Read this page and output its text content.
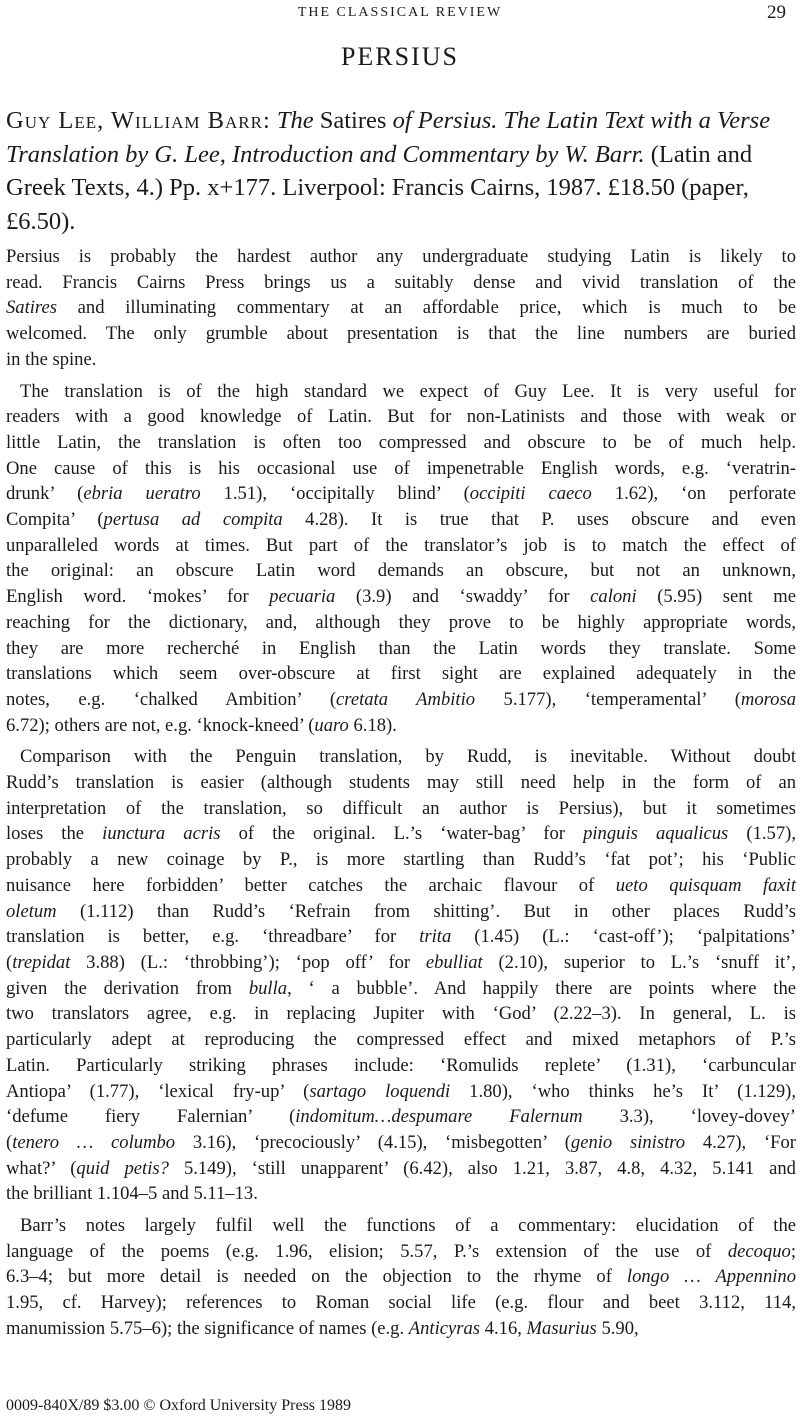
THE CLASSICAL REVIEW	29
PERSIUS

Guy Lee, William Barr: The Satires of Persius. The Latin Text with a Verse Translation by G. Lee, Introduction and Commentary by W. Barr. (Latin and Greek Texts, 4.) Pp. x+177. Liverpool: Francis Cairns, 1987. £18.50 (paper, £6.50).

Persius is probably the hardest author any undergraduate studying Latin is likely to
read. Francis Cairns Press brings us a suitably dense and vivid translation of the
Satires and illuminating commentary at an affordable price, which is much to be
welcomed. The only grumble about presentation is that the line numbers are buried
in the spine.
The translation is of the high standard we expect of Guy Lee. It is very useful for
readers with a good knowledge of Latin. But for non-Latinists and those with weak or
little Latin, the translation is often too compressed and obscure to be of much help.
One cause of this is his occasional use of impenetrable English words, e.g. ‘veratrin-
drunk’ (ebria ueratro 1.51), ‘occipitally blind’ (occipiti caeco 1.62), ‘on perforate
Compita’ (pertusa ad compita 4.28). It is true that P. uses obscure and even
unparalleled words at times. But part of the translator’s job is to match the effect of
the original: an obscure Latin word demands an obscure, but not an unknown,
English word. ‘mokes’ for pecuaria (3.9) and ‘swaddy’ for caloni (5.95) sent me
reaching for the dictionary, and, although they prove to be highly appropriate words,
they are more recherché in English than the Latin words they translate. Some
translations which seem over-obscure at first sight are explained adequately in the
notes, e.g. ‘chalked Ambition’ (cretata Ambitio 5.177), ‘temperamental’ (morosa
6.72); others are not, e.g. ‘knock-kneed’ (uaro 6.18).
Comparison with the Penguin translation, by Rudd, is inevitable. Without doubt
Rudd’s translation is easier (although students may still need help in the form of an
interpretation of the translation, so difficult an author is Persius), but it sometimes
loses the iunctura acris of the original. L.’s ‘water-bag’ for pinguis aqualicus (1.57),
probably a new coinage by P., is more startling than Rudd’s ‘fat pot’; his ‘Public
nuisance here forbidden’ better catches the archaic flavour of ueto quisquam faxit
oletum (1.112) than Rudd’s ‘Refrain from shitting’. But in other places Rudd’s
translation is better, e.g. ‘threadbare’ for trita (1.45) (L.: ‘cast-off’); ‘palpitations’
(trepidat 3.88) (L.: ‘throbbing’); ‘pop off’ for ebulliat (2.10), superior to L.’s ‘snuff it’,
given the derivation from bulla, ‘ a bubble’. And happily there are points where the
two translators agree, e.g. in replacing Jupiter with ‘God’ (2.22–3). In general, L. is
particularly adept at reproducing the compressed effect and mixed metaphors of P.’s
Latin. Particularly striking phrases include: ‘Romulids replete’ (1.31), ‘carbuncular
Antiopa’ (1.77), ‘lexical fry-up’ (sartago loquendi 1.80), ‘who thinks he’s It’ (1.129),
‘defume fiery Falernian’ (indomitum…despumare Falernum 3.3), ‘lovey-dovey’
(tenero … columbo 3.16), ‘precociously’ (4.15), ‘misbegotten’ (genio sinistro 4.27), ‘For
what?’ (quid petis? 5.149), ‘still unapparent’ (6.42), also 1.21, 3.87, 4.8, 4.32, 5.141 and
the brilliant 1.104–5 and 5.11–13.
Barr’s notes largely fulfil well the functions of a commentary: elucidation of the
language of the poems (e.g. 1.96, elision; 5.57, P.’s extension of the use of decoquo;
6.3–4; but more detail is needed on the objection to the rhyme of longo … Appennino
1.95, cf. Harvey); references to Roman social life (e.g. flour and beet 3.112, 114,
manumission 5.75–6); the significance of names (e.g. Anticyras 4.16, Masurius 5.90,
0009-840X/89 $3.00 © Oxford University Press 1989
